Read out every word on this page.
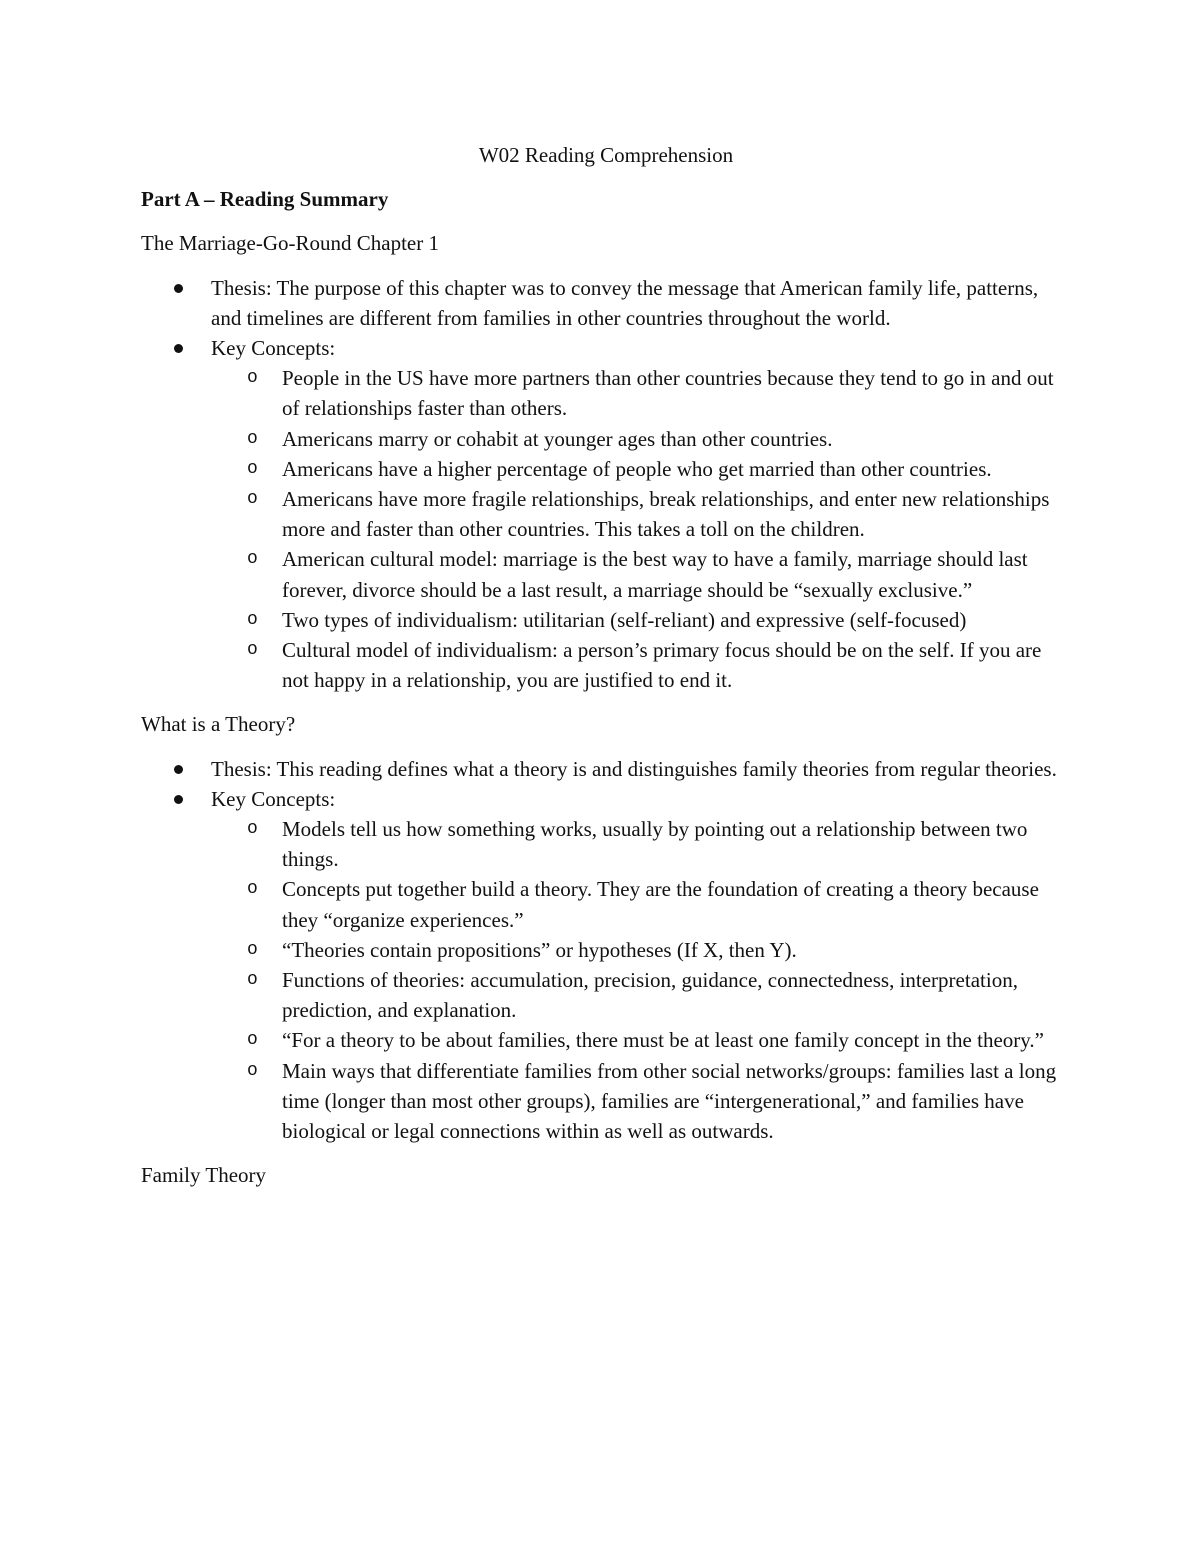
W02 Reading Comprehension
Part A – Reading Summary
The Marriage-Go-Round Chapter 1
Thesis: The purpose of this chapter was to convey the message that American family life, patterns, and timelines are different from families in other countries throughout the world.
Key Concepts:
o People in the US have more partners than other countries because they tend to go in and out of relationships faster than others.
o Americans marry or cohabit at younger ages than other countries.
o Americans have a higher percentage of people who get married than other countries.
o Americans have more fragile relationships, break relationships, and enter new relationships more and faster than other countries. This takes a toll on the children.
o American cultural model: marriage is the best way to have a family, marriage should last forever, divorce should be a last result, a marriage should be “sexually exclusive.”
o Two types of individualism: utilitarian (self-reliant) and expressive (self-focused)
o Cultural model of individualism: a person’s primary focus should be on the self. If you are not happy in a relationship, you are justified to end it.
What is a Theory?
Thesis: This reading defines what a theory is and distinguishes family theories from regular theories.
Key Concepts:
o Models tell us how something works, usually by pointing out a relationship between two things.
o Concepts put together build a theory. They are the foundation of creating a theory because they “organize experiences.”
o “Theories contain propositions” or hypotheses (If X, then Y).
o Functions of theories: accumulation, precision, guidance, connectedness, interpretation, prediction, and explanation.
o “For a theory to be about families, there must be at least one family concept in the theory.”
o Main ways that differentiate families from other social networks/groups: families last a long time (longer than most other groups), families are “intergenerational,” and families have biological or legal connections within as well as outwards.
Family Theory
